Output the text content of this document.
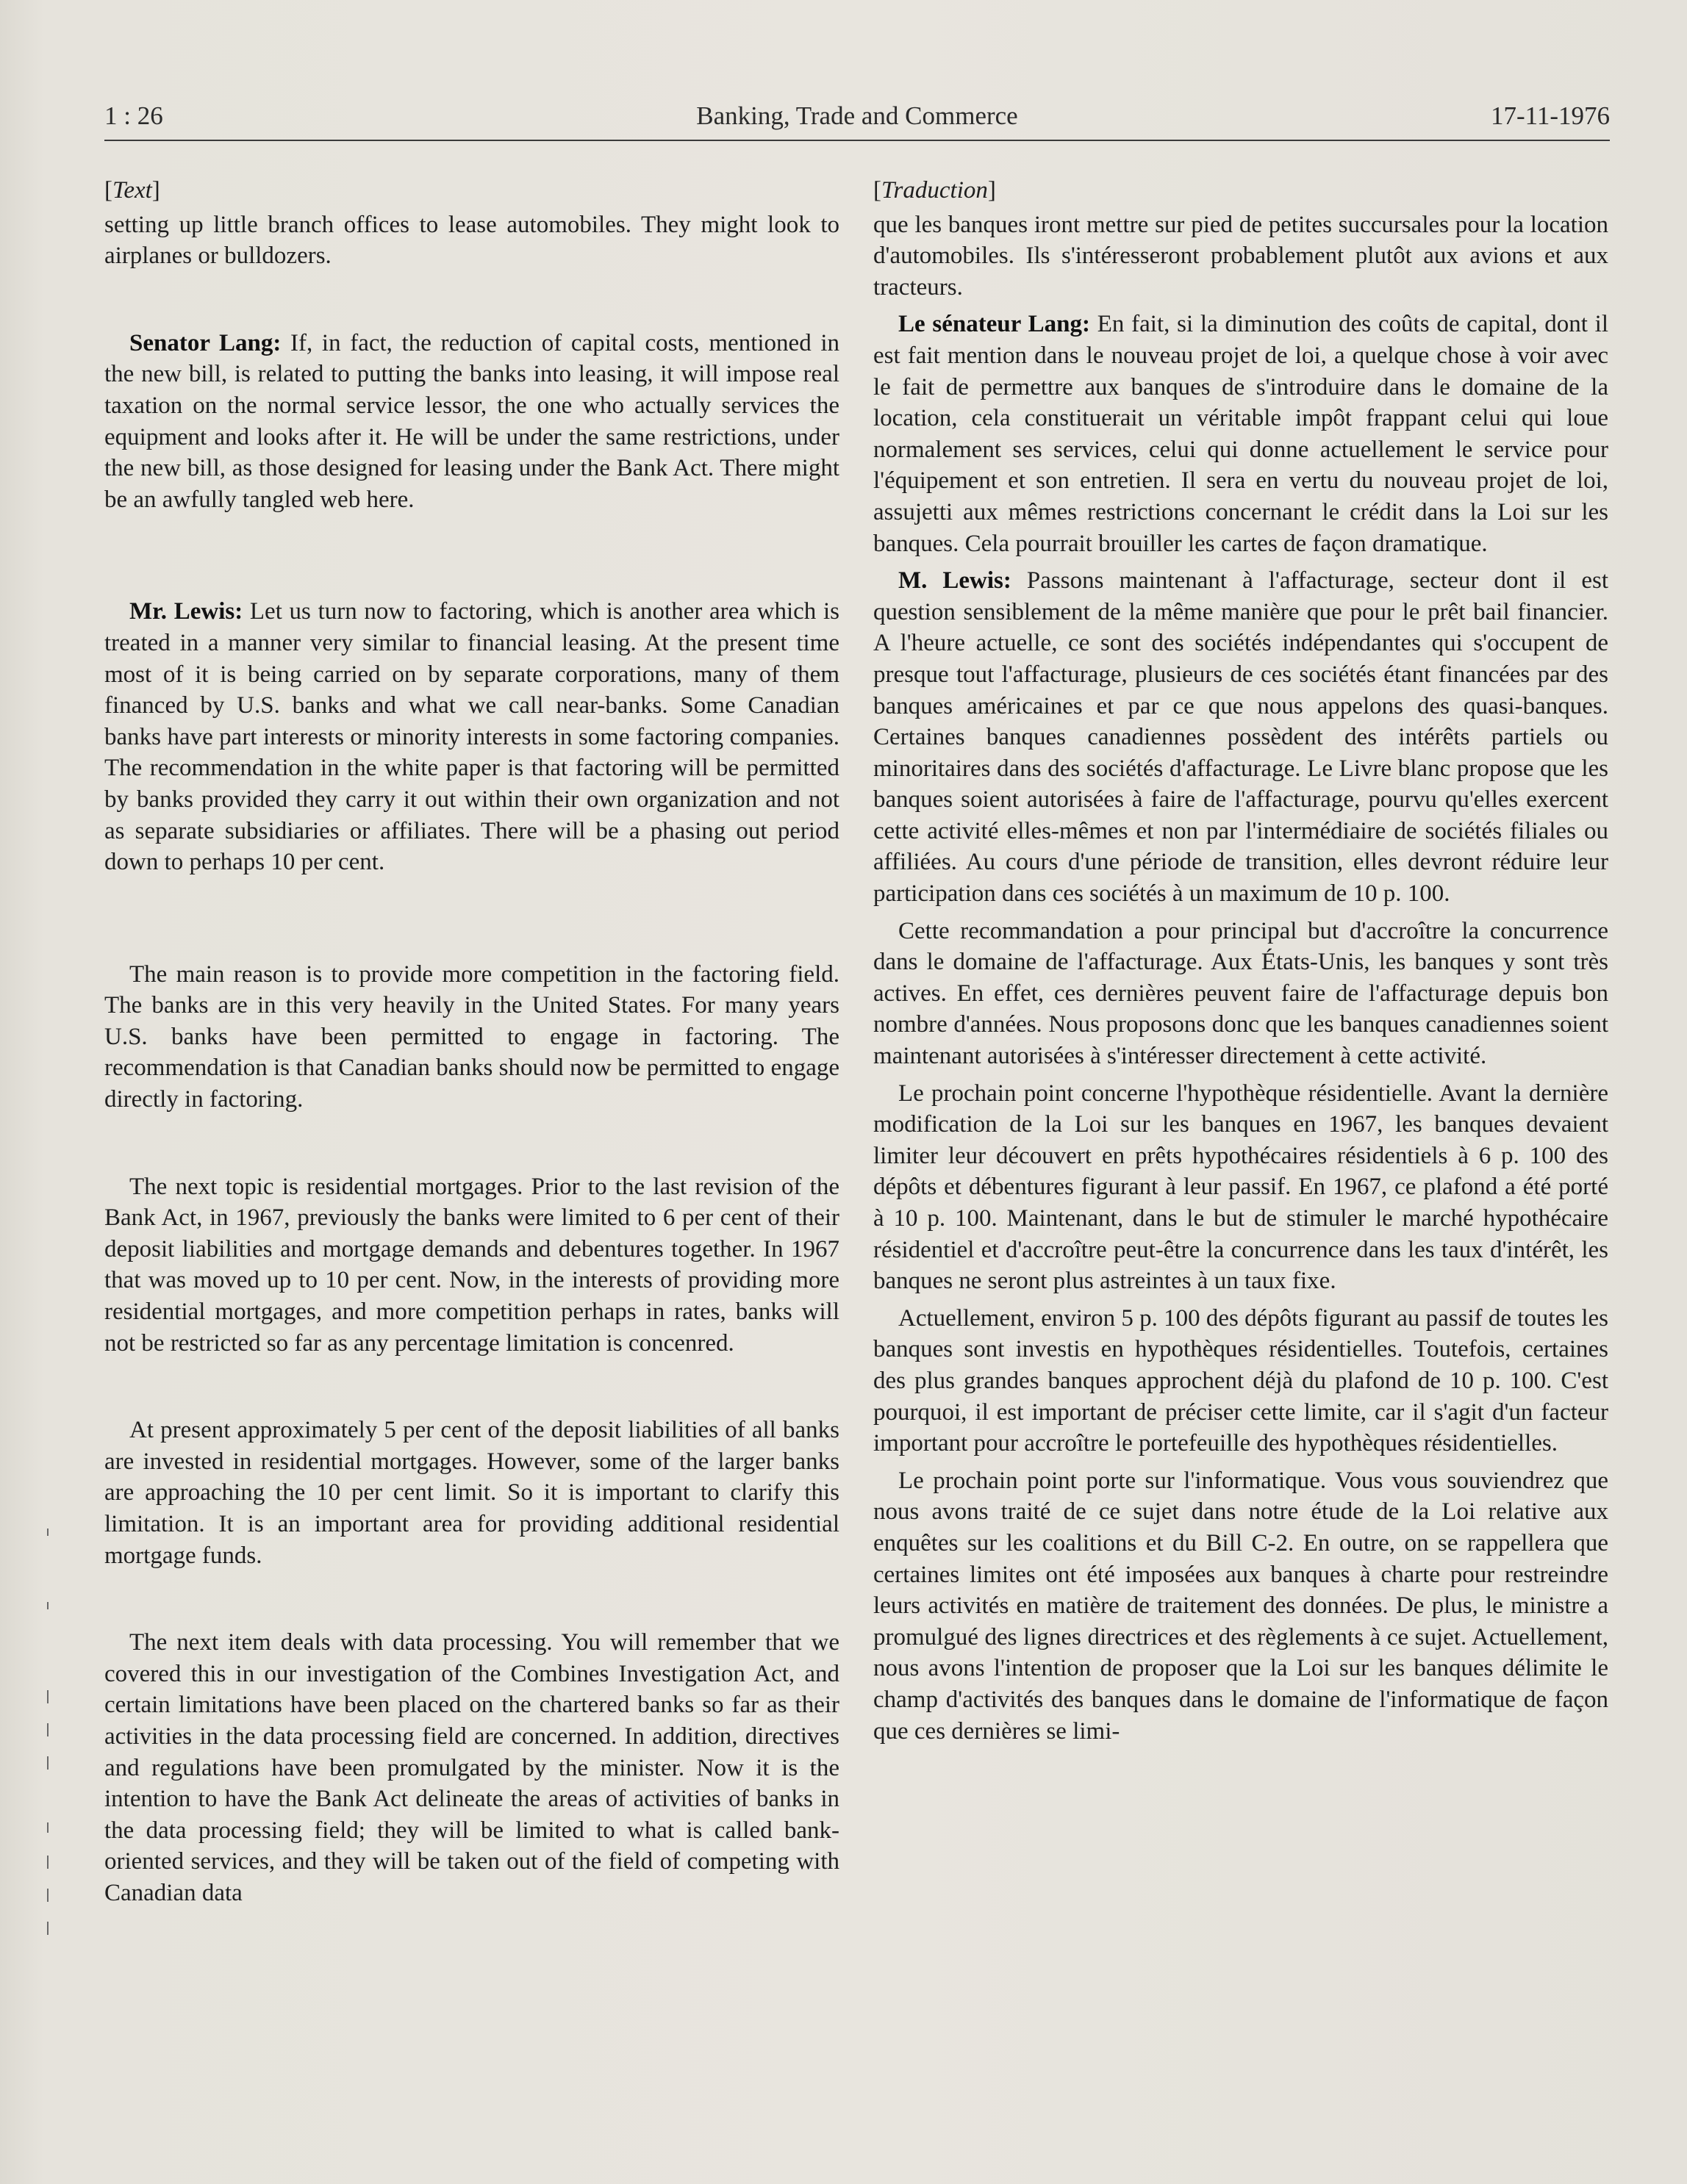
1 : 26	Banking, Trade and Commerce	17-11-1976

[Text]

setting up little branch offices to lease automobiles. They might look to airplanes or bulldozers.

Senator Lang: If, in fact, the reduction of capital costs, mentioned in the new bill, is related to putting the banks into leasing, it will impose real taxation on the normal service lessor, the one who actually services the equipment and looks after it. He will be under the same restrictions, under the new bill, as those designed for leasing under the Bank Act. There might be an awfully tangled web here.

Mr. Lewis: Let us turn now to factoring, which is another area which is treated in a manner very similar to financial leasing. At the present time most of it is being carried on by separate corporations, many of them financed by U.S. banks and what we call near-banks. Some Canadian banks have part interests or minority interests in some factoring companies. The recommendation in the white paper is that factoring will be permitted by banks provided they carry it out within their own organization and not as separate subsidiaries or affiliates. There will be a phasing out period down to perhaps 10 per cent.

The main reason is to provide more competition in the factoring field. The banks are in this very heavily in the United States. For many years U.S. banks have been permitted to engage in factoring. The recommendation is that Canadian banks should now be permitted to engage directly in factoring.

The next topic is residential mortgages. Prior to the last revision of the Bank Act, in 1967, previously the banks were limited to 6 per cent of their deposit liabilities and mortgage demands and debentures together. In 1967 that was moved up to 10 per cent. Now, in the interests of providing more residential mortgages, and more competition perhaps in rates, banks will not be restricted so far as any percentage limitation is concenred.

At present approximately 5 per cent of the deposit liabilities of all banks are invested in residential mortgages. However, some of the larger banks are approaching the 10 per cent limit. So it is important to clarify this limitation. It is an important area for providing additional residential mortgage funds.

The next item deals with data processing. You will remember that we covered this in our investigation of the Combines Investigation Act, and certain limitations have been placed on the chartered banks so far as their activities in the data processing field are concerned. In addition, directives and regulations have been promulgated by the minister. Now it is the intention to have the Bank Act delineate the areas of activities of banks in the data processing field; they will be limited to what is called bank-oriented services, and they will be taken out of the field of competing with Canadian data

[Traduction]

que les banques iront mettre sur pied de petites succursales pour la location d'automobiles. Ils s'intéresseront probablement plutôt aux avions et aux tracteurs.

Le sénateur Lang: En fait, si la diminution des coûts de capital, dont il est fait mention dans le nouveau projet de loi, a quelque chose à voir avec le fait de permettre aux banques de s'introduire dans le domaine de la location, cela constituerait un véritable impôt frappant celui qui loue normalement ses services, celui qui donne actuellement le service pour l'équipement et son entretien. Il sera en vertu du nouveau projet de loi, assujetti aux mêmes restrictions concernant le crédit dans la Loi sur les banques. Cela pourrait brouiller les cartes de façon dramatique.

M. Lewis: Passons maintenant à l'affacturage, secteur dont il est question sensiblement de la même manière que pour le prêt bail financier. A l'heure actuelle, ce sont des sociétés indépendantes qui s'occupent de presque tout l'affacturage, plusieurs de ces sociétés étant financées par des banques américaines et par ce que nous appelons des quasi-banques. Certaines banques canadiennes possèdent des intérêts partiels ou minoritaires dans des sociétés d'affacturage. Le Livre blanc propose que les banques soient autorisées à faire de l'affacturage, pourvu qu'elles exercent cette activité elles-mêmes et non par l'intermédiaire de sociétés filiales ou affiliées. Au cours d'une période de transition, elles devront réduire leur participation dans ces sociétés à un maximum de 10 p. 100.

Cette recommandation a pour principal but d'accroître la concurrence dans le domaine de l'affacturage. Aux États-Unis, les banques y sont très actives. En effet, ces dernières peuvent faire de l'affacturage depuis bon nombre d'années. Nous proposons donc que les banques canadiennes soient maintenant autorisées à s'intéresser directement à cette activité.

Le prochain point concerne l'hypothèque résidentielle. Avant la dernière modification de la Loi sur les banques en 1967, les banques devaient limiter leur découvert en prêts hypothécaires résidentiels à 6 p. 100 des dépôts et débentures figurant à leur passif. En 1967, ce plafond a été porté à 10 p. 100. Maintenant, dans le but de stimuler le marché hypothécaire résidentiel et d'accroître peut-être la concurrence dans les taux d'intérêt, les banques ne seront plus astreintes à un taux fixe.

Actuellement, environ 5 p. 100 des dépôts figurant au passif de toutes les banques sont investis en hypothèques résidentielles. Toutefois, certaines des plus grandes banques approchent déjà du plafond de 10 p. 100. C'est pourquoi, il est important de préciser cette limite, car il s'agit d'un facteur important pour accroître le portefeuille des hypothèques résidentielles.

Le prochain point porte sur l'informatique. Vous vous souviendrez que nous avons traité de ce sujet dans notre étude de la Loi relative aux enquêtes sur les coalitions et du Bill C-2. En outre, on se rappellera que certaines limites ont été imposées aux banques à charte pour restreindre leurs activités en matière de traitement des données. De plus, le ministre a promulgué des lignes directrices et des règlements à ce sujet. Actuellement, nous avons l'intention de proposer que la Loi sur les banques délimite le champ d'activités des banques dans le domaine de l'informatique de façon que ces dernières se limi-
